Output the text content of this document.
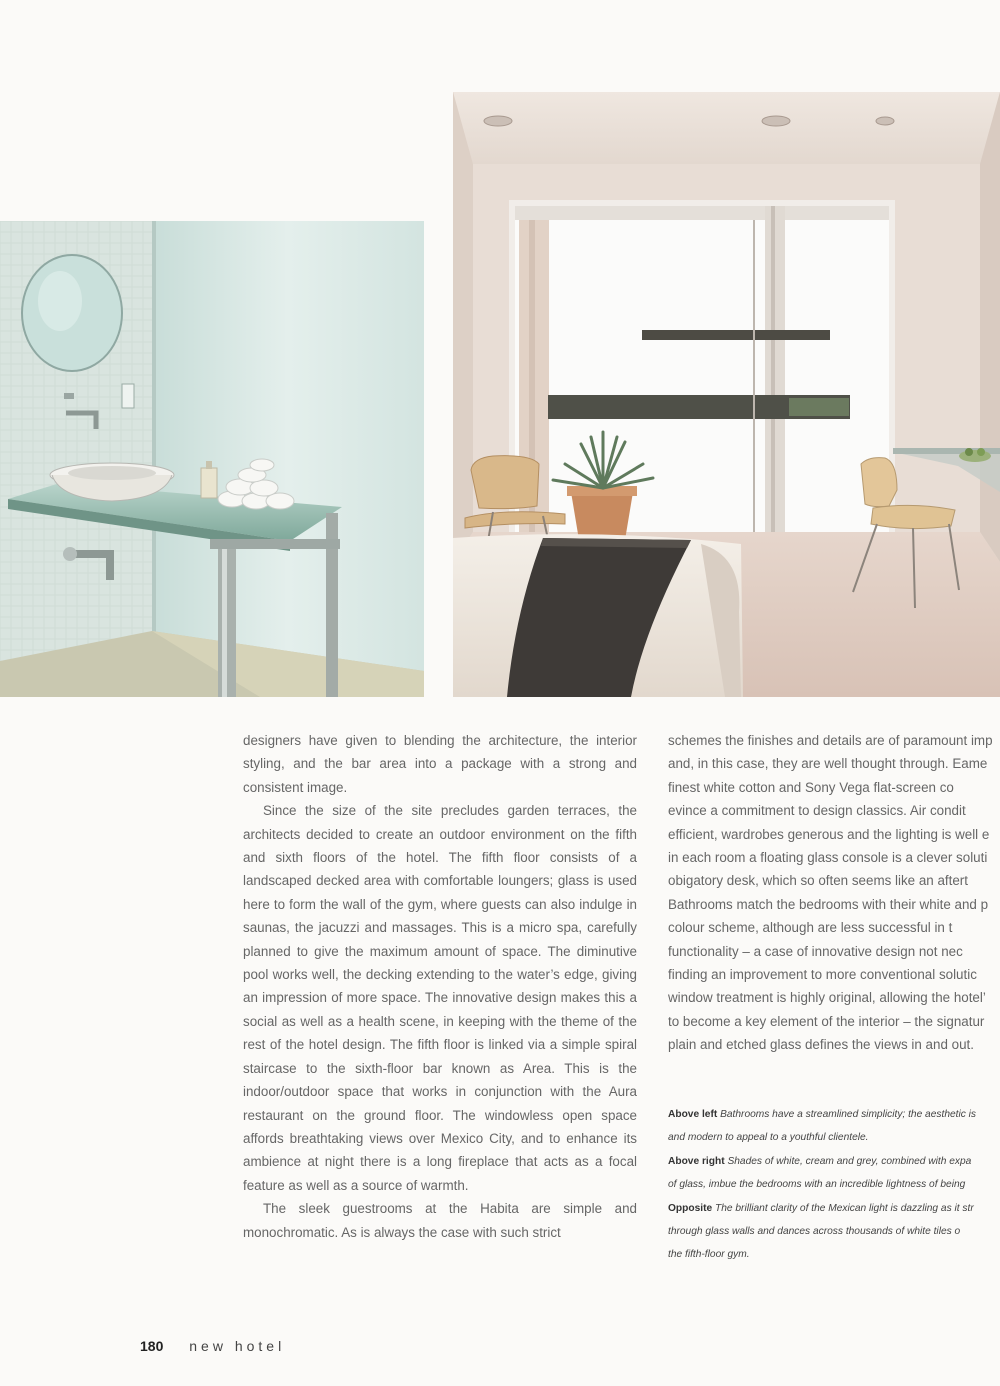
designers have given to blending the architecture, the interior styling, and the bar area into a package with a strong and consistent image.

Since the size of the site precludes garden terraces, the architects decided to create an outdoor environment on the fifth and sixth floors of the hotel. The fifth floor consists of a landscaped decked area with comfortable loungers; glass is used here to form the wall of the gym, where guests can also indulge in saunas, the jacuzzi and massages. This is a micro spa, carefully planned to give the maximum amount of space. The diminutive pool works well, the decking extending to the water’s edge, giving an impression of more space. The innovative design makes this a social as well as a health scene, in keeping with the theme of the rest of the hotel design. The fifth floor is linked via a simple spiral staircase to the sixth-floor bar known as Area. This is the indoor/outdoor space that works in conjunction with the Aura restaurant on the ground floor. The windowless open space affords breathtaking views over Mexico City, and to enhance its ambience at night there is a long fireplace that acts as a focal feature as well as a source of warmth.

The sleek guestrooms at the Habita are simple and monochromatic. As is always the case with such strict

schemes the finishes and details are of paramount imp
and, in this case, they are well thought through. Eame
finest white cotton and Sony Vega flat-screen co
evince a commitment to design classics. Air condit
efficient, wardrobes generous and the lighting is well e
in each room a floating glass console is a clever soluti
obigatory desk, which so often seems like an aftert
Bathrooms match the bedrooms with their white and p
colour scheme, although are less successful in t
functionality – a case of innovative design not nec
finding an improvement to more conventional solutic
window treatment is highly original, allowing the hotel’
to become a key element of the interior – the signatur
plain and etched glass defines the views in and out.
Above left Bathrooms have a streamlined simplicity; the aesthetic is
and modern to appeal to a youthful clientele.
Above right Shades of white, cream and grey, combined with expa
of glass, imbue the bedrooms with an incredible lightness of being
Opposite The brilliant clarity of the Mexican light is dazzling as it str
through glass walls and dances across thousands of white tiles o
the fifth-floor gym.
180 new hotel
